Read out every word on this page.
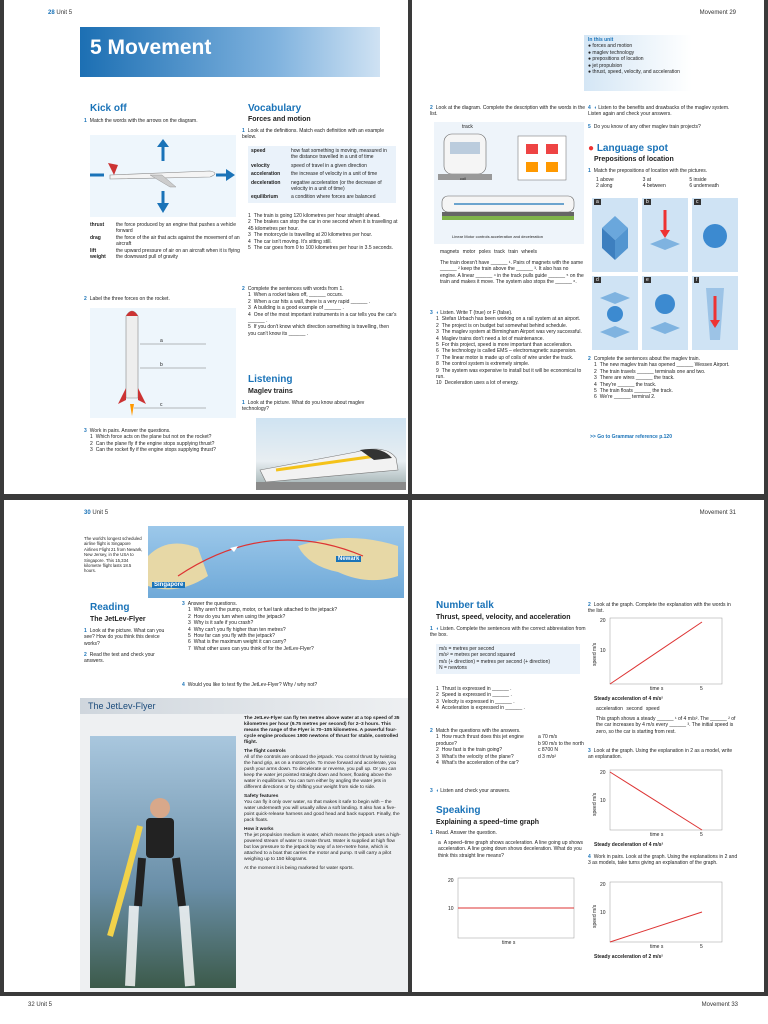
28 Unit 5
5 Movement
Kick off
1 Match the words with the arrows on the diagram.
thrust	the force produced by an engine that pushes a vehicle forward
drag	the force of the air that acts against the movement of an aircraft
lift	the upward pressure of air on an aircraft when it is flying
weight	the downward pull of gravity
2 Label the three forces on the rocket.
a
b
c
3 Work in pairs. Answer the questions.
1 Which force acts on the plane but not on the rocket?
2 Can the plane fly if the engine stops supplying thrust?
3 Can the rocket fly if the engine stops supplying thrust?
Vocabulary
Forces and motion
1 Look at the definitions. Match each definition with an example below.
speed	how fast something is moving, measured in the distance travelled in a unit of time
velocity	speed of travel in a given direction
acceleration	the increase of velocity in a unit of time
deceleration	negative acceleration (or the decrease of velocity in a unit of time)
equilibrium	a condition where forces are balanced
1 The train is going 120 kilometres per hour straight ahead.
2 The brakes can stop the car in one second when it is travelling at 45 kilometres per hour.
3 The motorcycle is travelling at 20 kilometres per hour.
4 The car isn't moving. It's sitting still.
5 The car goes from 0 to 100 kilometres per hour in 3.5 seconds.
2 Complete the sentences with words from 1.
1 When a rocket takes off, ______ occurs.
2 When a car hits a wall, there is a very rapid ______ .
3 A building is a good example of ______ .
4 One of the most important instruments in a car tells you the car's ______ .
5 If you don't know which direction something is travelling, then you can't know its ______ .
Listening
Maglev trains
1 Look at the picture. What do you know about maglev technology?
Movement 29
In this unit
● forces and motion
● maglev technology
● prepositions of location
● jet propulsion
● thrust, speed, velocity, and acceleration
2 Look at the diagram. Complete the description with the words in the list.
track
coil
Linear Motor controls acceleration and deceleration
magnets motor poles track train wheels
The train doesn't have ______ ¹. Pairs of magnets with the same ______ ² keep the train above the ______ ³. It also has no engine. A linear ______ ⁴ in the track pulls guide ______ ⁵ on the train and makes it move. The system also stops the ______ ⁶.
3 ◖ Listen. Write T (true) or F (false).
1 Stefan Urbach has been working on a rail system at an airport.
2 The project is on budget but somewhat behind schedule.
3 The maglev system at Birmingham Airport was very successful.
4 Maglev trains don't need a lot of maintenance.
5 For this project, speed is more important than acceleration.
6 The technology is called EMS – electromagnetic suspension.
7 The linear motor is made up of coils of wire under the track.
8 The control system is extremely simple.
9 The system was expensive to install but it will be economical to run.
10 Deceleration uses a lot of energy.
4 ◖ Listen to the benefits and drawbacks of the maglev system. Listen again and check your answers.
5 Do you know of any other maglev train projects?
● Language spot
Prepositions of location
1 Match the prepositions of location with the pictures.
1 above	3 at	5 inside
2 along	4 between	6 underneath
a	b	c
d	e	f
2 Complete the sentences about the maglev train.
1 The new maglev train has opened ______ Wessex Airport.
2 The train travels ______ terminals one and two.
3 There are wires ______ the track.
4 They're ______ the track.
5 The train floats ______ the track.
6 We're ______ terminal 2.
>> Go to Grammar reference p.120
30 Unit 5
The world's longest scheduled airline flight is Singapore Airlines Flight 21 from Newark, New Jersey, in the USA to Singapore. This 15,334 kilometre flight lasts 18.5 hours.
Newark
Singapore
Reading
The JetLev-Flyer
1 Look at the picture. What can you see? How do you think this device works?
2 Read the text and check your answers.
3 Answer the questions.
1 Why aren't the pump, motor, or fuel tank attached to the jetpack?
2 How do you turn when using the jetpack?
3 Why is it safe if you crash?
4 Why can't you fly higher than ten metres?
5 How far can you fly with the jetpack?
6 What is the maximum weight it can carry?
7 What other uses can you think of for the JetLev-Flyer?
4 Would you like to test fly the JetLev-Flyer? Why / why not?
The JetLev-Flyer

The JetLev-Flyer can fly ten metres above water at a top speed of 35 kilometres per hour (9.75 metres per second) for 2–3 hours. This means the range of the Flyer is 70–105 kilometres. A powerful four-cycle engine produces 1900 newtons of thrust for stable, controlled flight.

The flight controls

All of the controls are onboard the jetpack. You control thrust by twisting the hand grip, as on a motorcycle. To move forward and accelerate, you push your arms down. To decelerate or reverse, you pull up. Or you can keep the water jet pointed straight down and hover, floating above the water in equilibrium. You can turn either by angling the water jets in different directions or by shifting your weight from side to side.

Safety features

You can fly it only over water, so that makes it safe to begin with – the water underneath you will usually allow a soft landing. It also has a five-point quick-release harness and good head and back support. Finally, the pack floats.

How it works

The jet propulsion medium is water, which means the jetpack uses a high-powered stream of water to create thrust. Water is supplied at high flow but low pressure to the jetpack by way of a ten-metre hose, which is attached to a boat that carries the motor and pump. It will carry a pilot weighing up to 150 kilograms.

At the moment it is being marketed for water sports.

Movement 31
Number talk
Thrust, speed, velocity, and acceleration
1 ◖ Listen. Complete the sentences with the correct abbreviation from the box.
m/s = metres per second
m/s² = metres per second squared
m/s (+ direction) = metres per second (+ direction)
N = newtons
1 Thrust is expressed in ______ .
2 Speed is expressed in ______ .
3 Velocity is expressed in ______ .
4 Acceleration is expressed in ______ .
2 Match the questions with the answers.
1 How much thrust does this jet engine produce?
2 How fast is the train going?
3 What's the velocity of the plane?
4 What's the acceleration of the car?
a 70 m/s
b 90 m/s to the north
c 8700 N
d 3 m/s²
3 ◖ Listen and check your answers.
Speaking
Explaining a speed–time graph
1 Read. Answer the question.
a A speed–time graph shows acceleration. A line going up shows acceleration. A line going down shows deceleration. What do you think this straight line means?
2 Look at the graph. Complete the explanation with the words in the list.
acceleration second speed
This graph shows a steady ______ ¹ of 4 m/s². The ______ ² of the car increases by 4 m/s every ______ ³. The initial speed is zero, so the car is starting from rest.
3 Look at the graph. Using the explanation in 2 as a model, write an explanation.
4 Work in pairs. Look at the graph. Using the explanations in 2 and 3 as models, take turns giving an explanation of the graph.
20
10
speed m/s
time s	5
Steady acceleration of 4 m/s²
20
10
speed m/s
time s	5
Steady deceleration of 4 m/s²
20
10
speed m/s
time s	5
Steady acceleration of 2 m/s²
20
10
time s
32 Unit 5	Movement 33
